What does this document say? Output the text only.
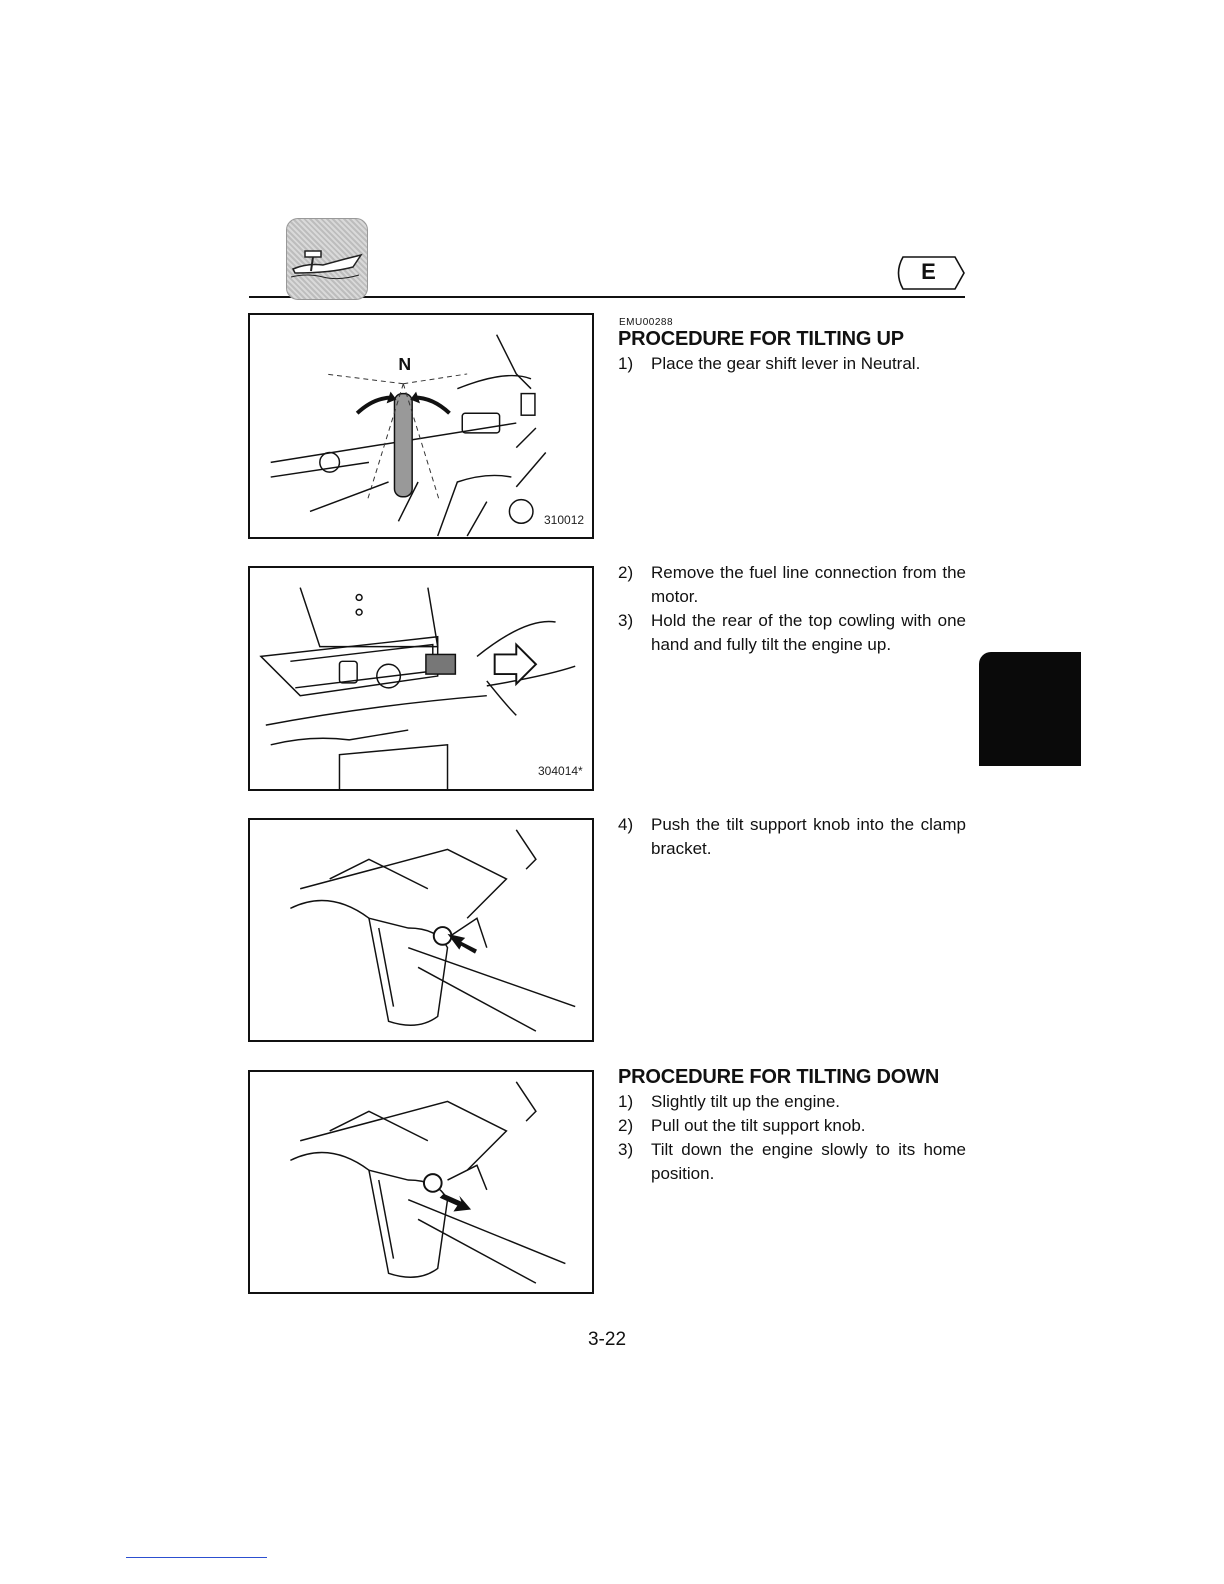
E
N
310012
304014*
EMU00288
PROCEDURE FOR TILTING UP
1)	Place the gear shift lever in Neutral.
2)	Remove the fuel line connection from the motor.
3)	Hold the rear of the top cowling with one hand and fully tilt the engine up.
4)	Push the tilt support knob into the clamp bracket.
PROCEDURE FOR TILTING DOWN
1)	Slightly tilt up the engine.
2)	Pull out the tilt support knob.
3)	Tilt down the engine slowly to its home position.
3-22
